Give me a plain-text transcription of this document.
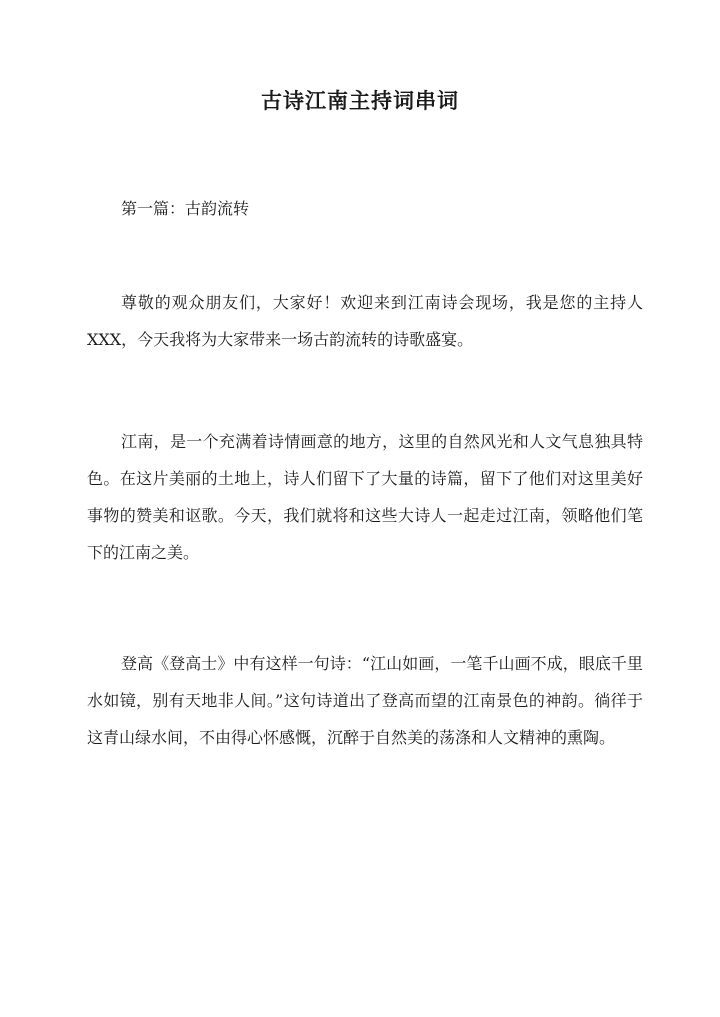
古诗江南主持词串词

第一篇：古韵流转

尊敬的观众朋友们，大家好！欢迎来到江南诗会现场，我是您的主持人XXX，今天我将为大家带来一场古韵流转的诗歌盛宴。

江南，是一个充满着诗情画意的地方，这里的自然风光和人文气息独具特色。在这片美丽的土地上，诗人们留下了大量的诗篇，留下了他们对这里美好事物的赞美和讴歌。今天，我们就将和这些大诗人一起走过江南，领略他们笔下的江南之美。

登高《登高士》中有这样一句诗：“江山如画，一笔千山画不成，眼底千里水如镜，别有天地非人间。”这句诗道出了登高而望的江南景色的神韵。徜徉于这青山绿水间，不由得心怀感慨，沉醉于自然美的荡涤和人文精神的熏陶。
